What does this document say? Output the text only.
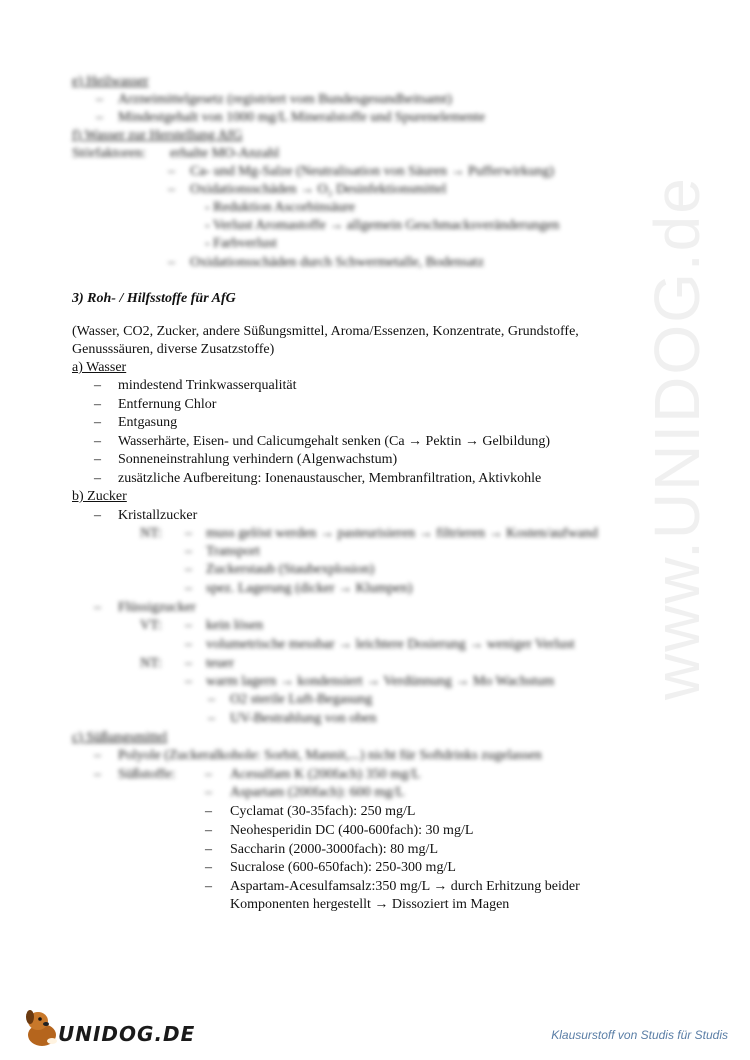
www.UNIDOG.de
e) Heilwasser
– Arzneimittelgesetz (registriert vom Bundesgesundheitsamt)
– Mindestgehalt von 1000 mg/L Mineralstoffe und Spurenelemente
f) Wasser zur Herstellung AfG
Störfaktoren: erhalte MO-Anzahl
– Ca- und Mg-Salze (Neutralisation von Säuren → Pufferwirkung)
– Oxidationsschäden → O₂ Desinfektionsmittel
- Reduktion Ascorbinsäure
- Verlust Aromastoffe → allgemein Geschmacksveränderungen
- Farbverlust
– Oxidationsschäden durch Schwermetalle, Bodensatz
3) Roh- / Hilfsstoffe für AfG
(Wasser, CO2, Zucker, andere Süßungsmittel, Aroma/Essenzen, Konzentrate, Grundstoffe,
Genusssäuren, diverse Zusatzstoffe)
a) Wasser
– mindestend Trinkwasserqualität
– Entfernung Chlor
– Entgasung
– Wasserhärte, Eisen- und Calicumgehalt senken (Ca → Pektin → Gelbildung)
– Sonneneinstrahlung verhindern (Algenwachstum)
– zusätzliche Aufbereitung: Ionenaustauscher, Membranfiltration, Aktivkohle
b) Zucker
– Kristallzucker
NT: – muss gelöst werden → pasteurisieren → filtrieren → Kosten/aufwand
– Transport
– Zuckerstaub (Staubexplosion)
– spez. Lagerung (dicker → Klumpen)
– Flüssigzucker
VT: – kein lösen
– volumetrische messbar → leichtere Dosierung → weniger Verlust
NT: – teuer
– warm lagern → kondensiert → Verdünnung → Mo Wachstum
– O2 sterile Luft-Begasung
– UV-Bestrahlung von oben
c) Süßungsmittel
– Polyole (Zuckeralkohole: Sorbit, Mannit,...) nicht für Softdrinks zugelassen
– Süßstoffe: – Acesulfam K (200fach) 350 mg/L
– Aspartam (200fach): 600 mg/L
– Cyclamat (30-35fach): 250 mg/L
– Neohesperidin DC (400-600fach): 30 mg/L
– Saccharin (2000-3000fach): 80 mg/L
– Sucralose (600-650fach): 250-300 mg/L
– Aspartam-Acesulfamsalz:350 mg/L → durch Erhitzung beider
Komponenten hergestellt → Dissoziert im Magen
UNIDOG.DE	Klausurstoff von Studis für Studis
